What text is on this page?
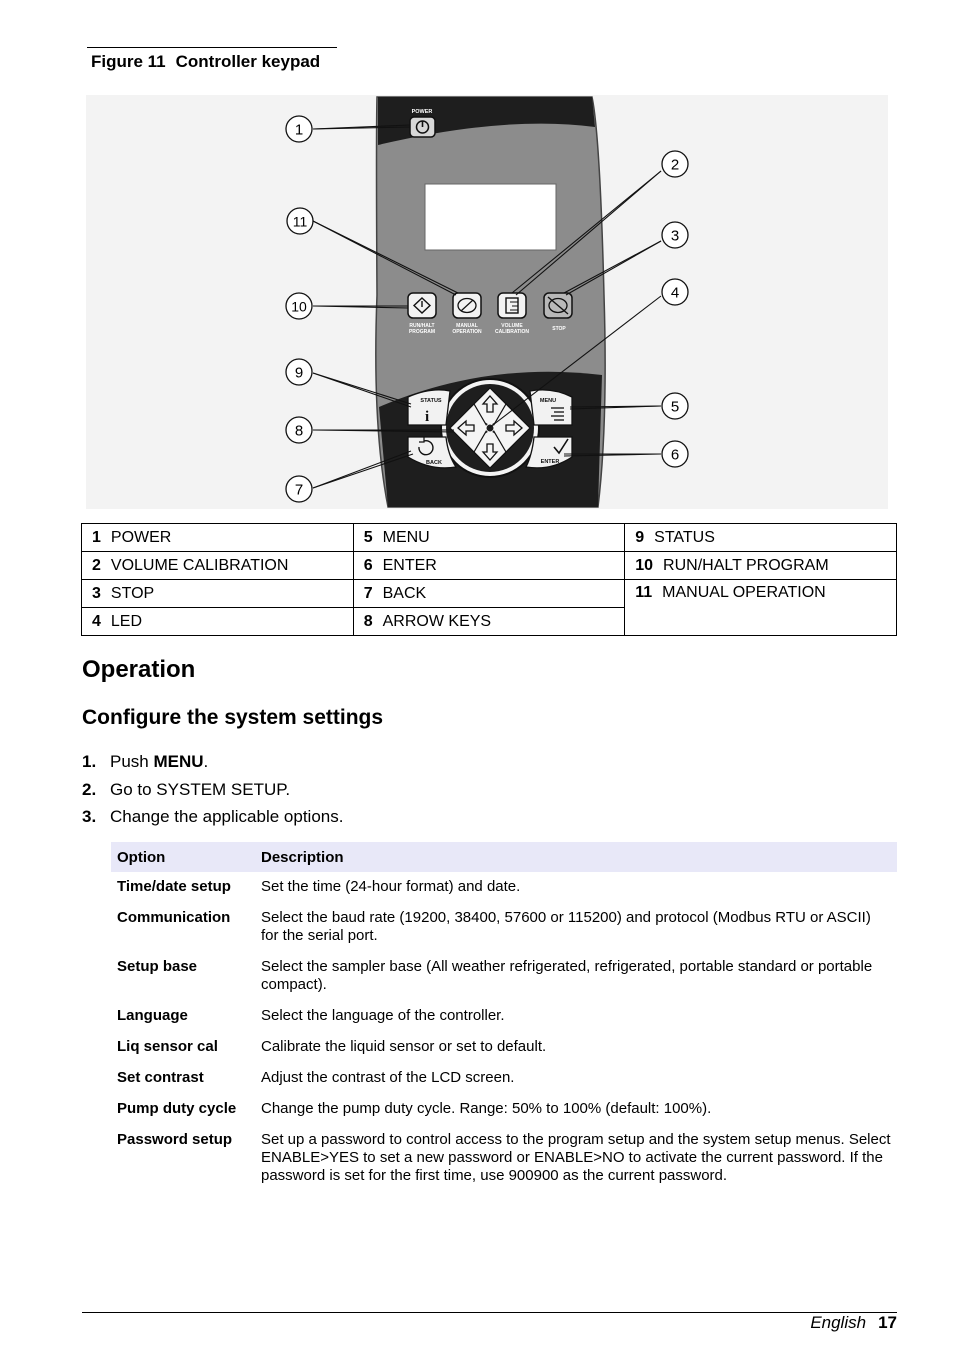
Figure 11 Controller keypad
POWER
RUN/HALT
PROGRAM
MANUAL
OPERATION
VOLUME
CALIBRATION	STOP
STATUS
i
MENU
BACK	ENTER
1
2
3
4
5
6
7
8
9
10
11
1 POWER	5 MENU	9 STATUS
2 VOLUME CALIBRATION	6 ENTER	10 RUN/HALT PROGRAM
3 STOP	7 BACK	11 MANUAL OPERATION
4 LED	8 ARROW KEYS	
Operation
Configure the system settings
1. Push MENU.
2. Go to SYSTEM SETUP.
3. Change the applicable options.
Option	Description
Time/date setup	Set the time (24-hour format) and date.
Communication	Select the baud rate (19200, 38400, 57600 or 115200) and protocol (Modbus RTU or ASCII) for the serial port.
Setup base	Select the sampler base (All weather refrigerated, refrigerated, portable standard or portable compact).
Language	Select the language of the controller.
Liq sensor cal	Calibrate the liquid sensor or set to default.
Set contrast	Adjust the contrast of the LCD screen.
Pump duty cycle	Change the pump duty cycle. Range: 50% to 100% (default: 100%).
Password setup	Set up a password to control access to the program setup and the system setup menus. Select ENABLE>YES to set a new password or ENABLE>NO to activate the current password. If the password is set for the first time, use 900900 as the current password.
English 17
